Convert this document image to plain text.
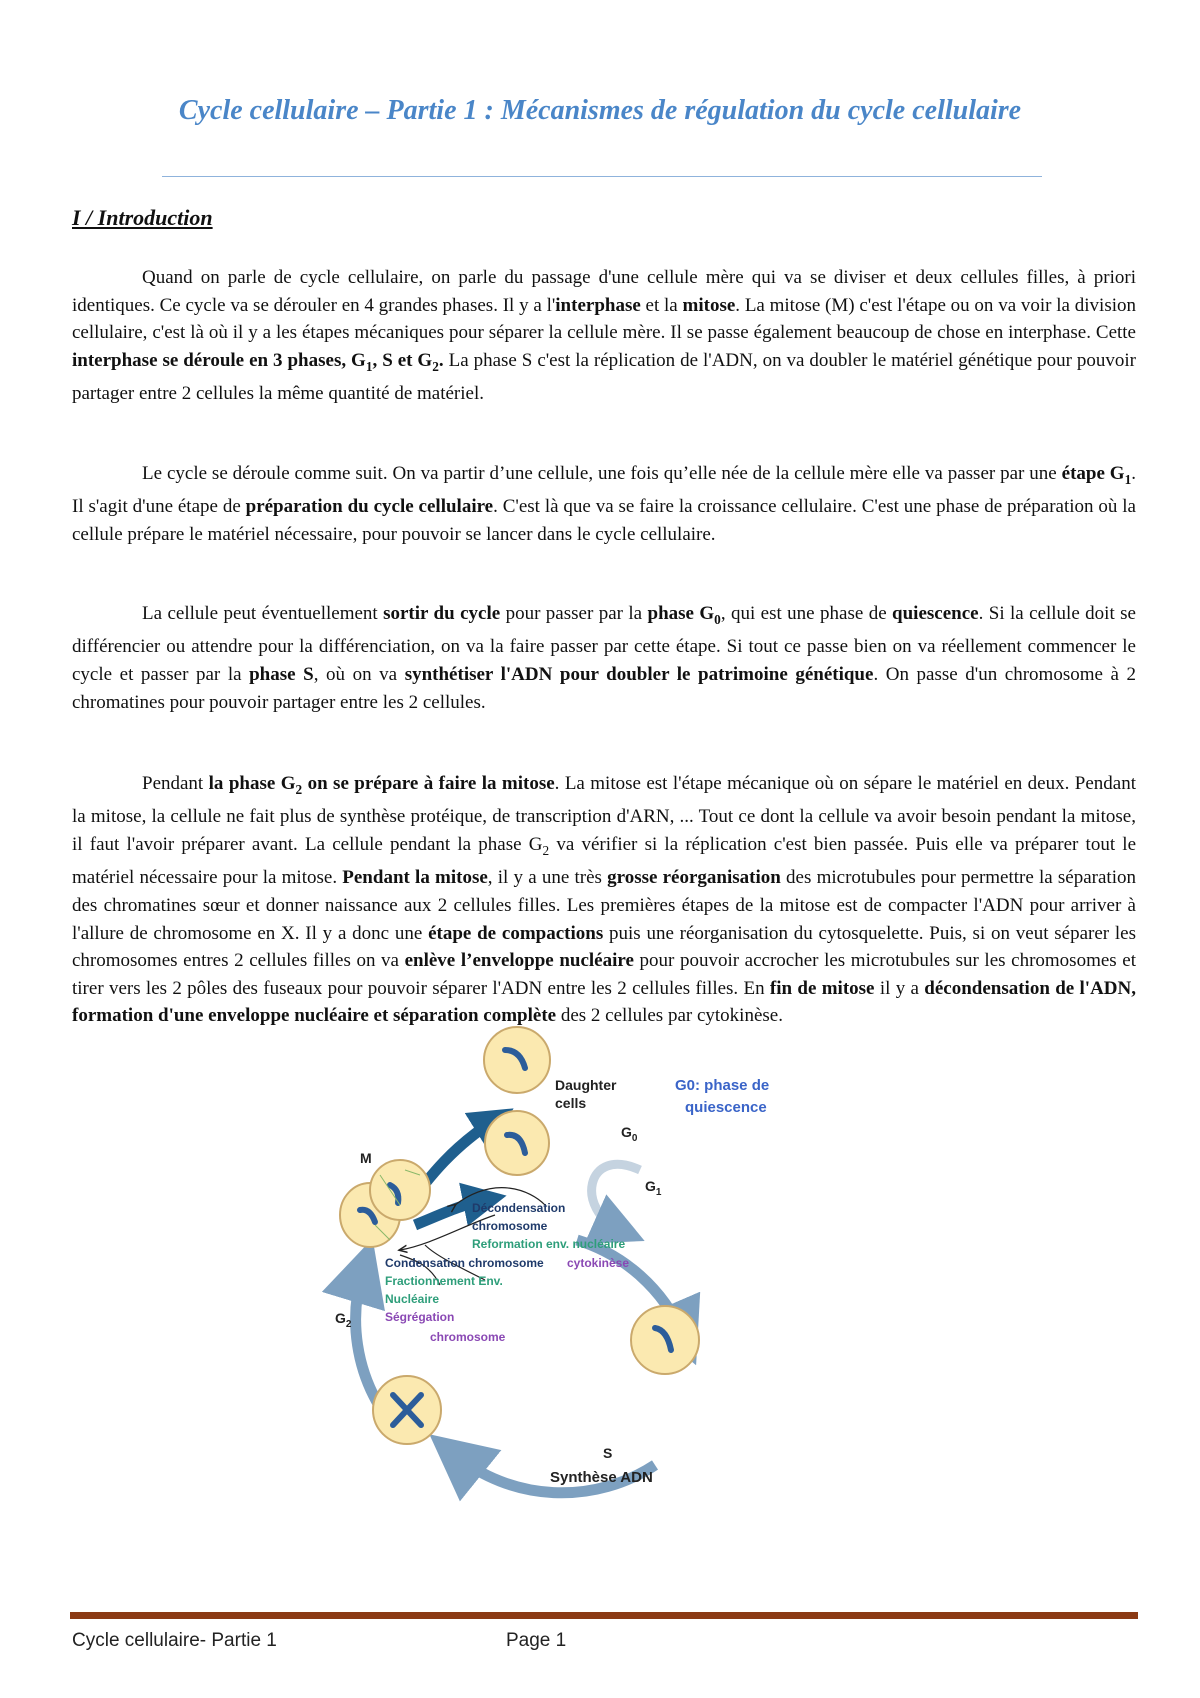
Cycle cellulaire – Partie 1 : Mécanismes de régulation du cycle cellulaire
I / Introduction

Quand on parle de cycle cellulaire, on parle du passage d'une cellule mère qui va se diviser et deux cellules filles, à priori identiques. Ce cycle va se dérouler en 4 grandes phases. Il y a l'interphase et la mitose. La mitose (M) c'est l'étape ou on va voir la division cellulaire, c'est là où il y a les étapes mécaniques pour séparer la cellule mère. Il se passe également beaucoup de chose en interphase. Cette interphase se déroule en 3 phases, $G_1$, S et $G_2$. La phase S c'est la réplication de l'ADN, on va doubler le matériel génétique pour pouvoir partager entre 2 cellules la même quantité de matériel.

Le cycle se déroule comme suit. On va partir d’une cellule, une fois qu’elle née de la cellule mère elle va passer par une étape $G_1$. Il s'agit d'une étape de préparation du cycle cellulaire. C'est là que va se faire la croissance cellulaire. C'est une phase de préparation où la cellule prépare le matériel nécessaire, pour pouvoir se lancer dans le cycle cellulaire.

La cellule peut éventuellement sortir du cycle pour passer par la phase $G_0$, qui est une phase de quiescence. Si la cellule doit se différencier ou attendre pour la différenciation, on va la faire passer par cette étape. Si tout ce passe bien on va réellement commencer le cycle et passer par la phase S, où on va synthétiser l'ADN pour doubler le patrimoine génétique. On passe d'un chromosome à 2 chromatines pour pouvoir partager entre les 2 cellules.

Pendant la phase $G_2$ on se prépare à faire la mitose. La mitose est l'étape mécanique où on sépare le matériel en deux. Pendant la mitose, la cellule ne fait plus de synthèse protéique, de transcription d'ARN, ... Tout ce dont la cellule va avoir besoin pendant la mitose, il faut l'avoir préparer avant. La cellule pendant la phase $G_2$ va vérifier si la réplication c'est bien passée. Puis elle va préparer tout le matériel nécessaire pour la mitose. Pendant la mitose, il y a une très grosse réorganisation des microtubules pour permettre la séparation des chromatines sœur et donner naissance aux 2 cellules filles. Les premières étapes de la mitose est de compacter l'ADN pour arriver à l'allure de chromosome en X. Il y a donc une étape de compactions puis une réorganisation du cytosquelette. Puis, si on veut séparer les chromosomes entres 2 cellules filles on va enlève l’enveloppe nucléaire pour pouvoir accrocher les microtubules sur les chromosomes et tirer vers les 2 pôles des fuseaux pour pouvoir séparer l'ADN entre les 2 cellules filles. En fin de mitose il y a décondensation de l'ADN, formation d'une enveloppe nucléaire et séparation complète des 2 cellules par cytokinèse.

M
$G_0$
$G_1$
$G_2$
S
Daughter
cells
G0: phase de
quiescence
Décondensation
chromosome
Reformation env. nucléaire
cytokinèse
Condensation chromosome
Fractionnement Env.
Nucléaire
Ségrégation
chromosome
Synthèse ADN
Cycle cellulaire- Partie 1	Page 1
